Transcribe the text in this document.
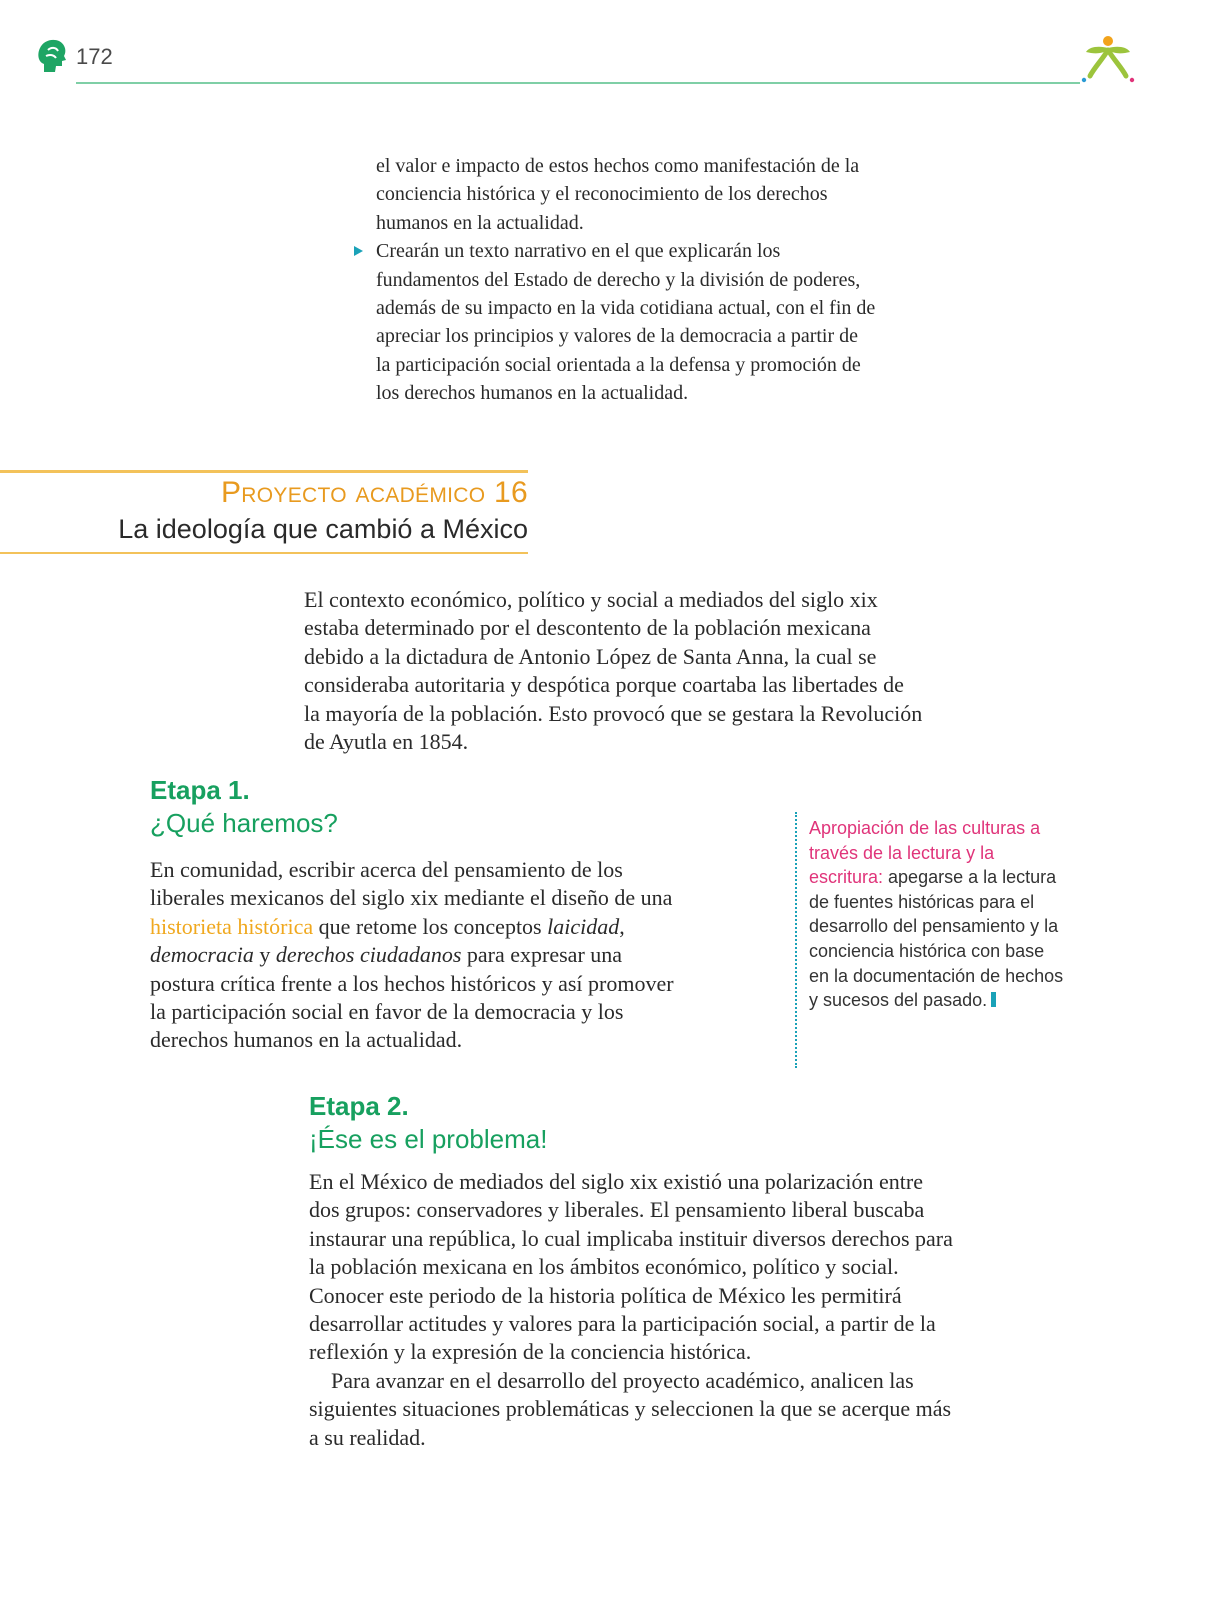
172

el valor e impacto de estos hechos como manifestación de la conciencia histórica y el reconocimiento de los derechos humanos en la actualidad.

Crearán un texto narrativo en el que explicarán los fundamentos del Estado de derecho y la división de poderes, además de su impacto en la vida cotidiana actual, con el fin de apreciar los principios y valores de la democracia a partir de la participación social orientada a la defensa y promoción de los derechos humanos en la actualidad.

Proyecto académico 16
La ideología que cambió a México

El contexto económico, político y social a mediados del siglo xix estaba determinado por el descontento de la población mexicana debido a la dictadura de Antonio López de Santa Anna, la cual se consideraba autoritaria y despótica porque coartaba las libertades de la mayoría de la población. Esto provocó que se gestara la Revolución de Ayutla en 1854.

Etapa 1.
¿Qué haremos?

En comunidad, escribir acerca del pensamiento de los liberales mexicanos del siglo xix mediante el diseño de una historieta histórica que retome los conceptos laicidad, democracia y derechos ciudadanos para expresar una postura crítica frente a los hechos históricos y así promover la participación social en favor de la democracia y los derechos humanos en la actualidad.

Apropiación de las culturas a través de la lectura y la escritura: apegarse a la lectura de fuentes históricas para el desarrollo del pensamiento y la conciencia histórica con base en la documentación de hechos y sucesos del pasado.

Etapa 2.
¡Ése es el problema!

En el México de mediados del siglo xix existió una polarización entre dos grupos: conservadores y liberales. El pensamiento liberal buscaba instaurar una república, lo cual implicaba instituir diversos derechos para la población mexicana en los ámbitos económico, político y social. Conocer este periodo de la historia política de México les permitirá desarrollar actitudes y valores para la participación social, a partir de la reflexión y la expresión de la conciencia histórica.

Para avanzar en el desarrollo del proyecto académico, analicen las siguientes situaciones problemáticas y seleccionen la que se acerque más a su realidad.
